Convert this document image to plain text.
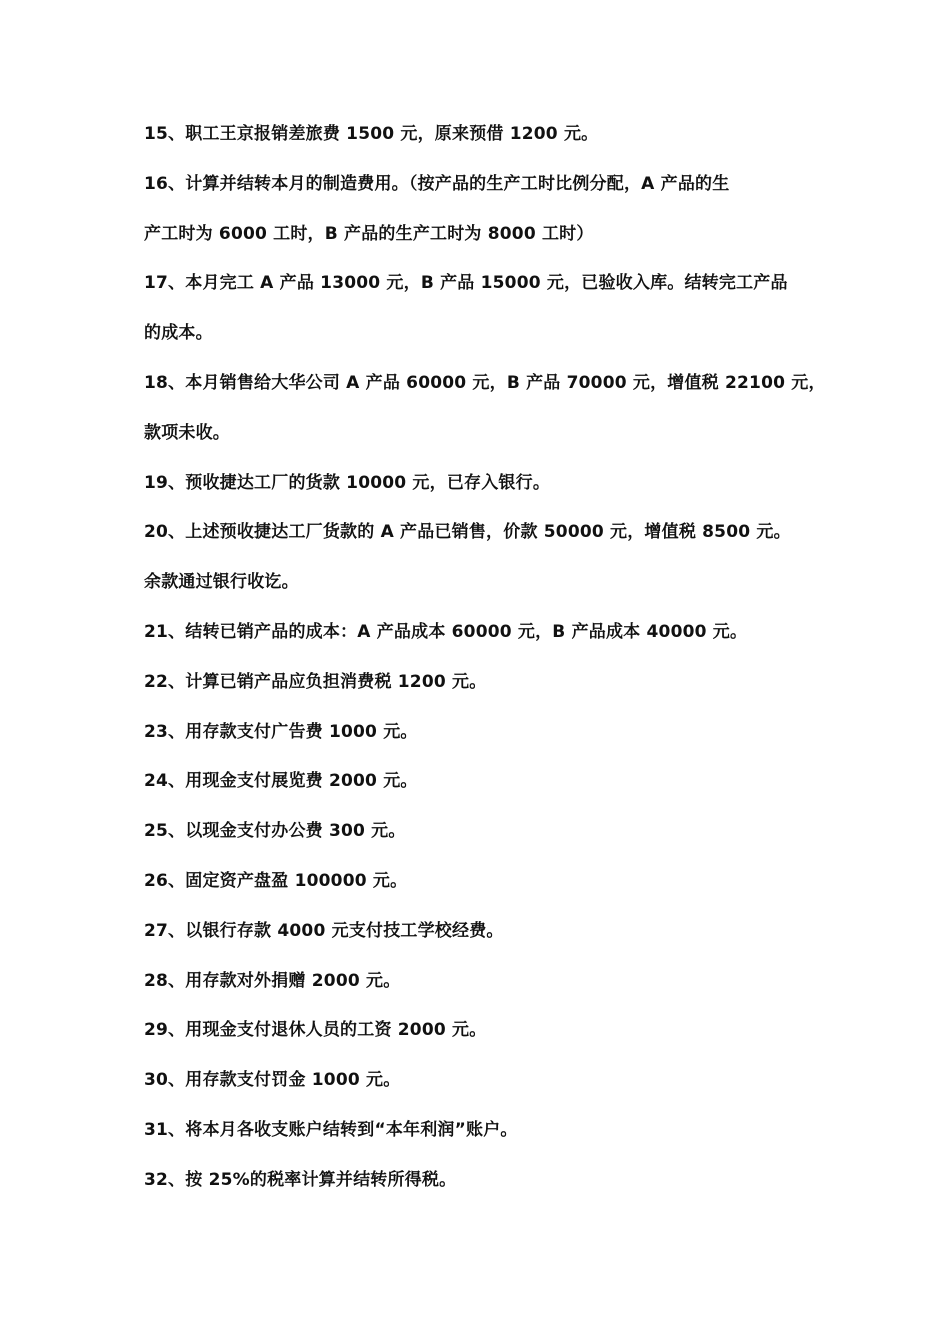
15、职工王京报销差旅费 1500 元，原来预借 1200 元。
16、计算并结转本月的制造费用。（按产品的生产工时比例分配，A 产品的生
产工时为 6000 工时，B 产品的生产工时为 8000 工时）
17、本月完工 A 产品 13000 元，B 产品 15000 元，已验收入库。结转完工产品
的成本。
18、本月销售给大华公司 A 产品 60000 元，B 产品 70000 元，增值税 22100 元，
款项未收。
19、预收捷达工厂的货款 10000 元，已存入银行。
20、上述预收捷达工厂货款的 A 产品已销售，价款 50000 元，增值税 8500 元。
余款通过银行收讫。
21、结转已销产品的成本：A 产品成本 60000 元，B 产品成本 40000 元。
22、计算已销产品应负担消费税 1200 元。
23、用存款支付广告费 1000 元。
24、用现金支付展览费 2000 元。
25、以现金支付办公费 300 元。
26、固定资产盘盈 100000 元。
27、以银行存款 4000 元支付技工学校经费。
28、用存款对外捐赠 2000 元。
29、用现金支付退休人员的工资 2000 元。
30、用存款支付罚金 1000 元。
31、将本月各收支账户结转到“本年利润”账户。
32、按 25%的税率计算并结转所得税。
